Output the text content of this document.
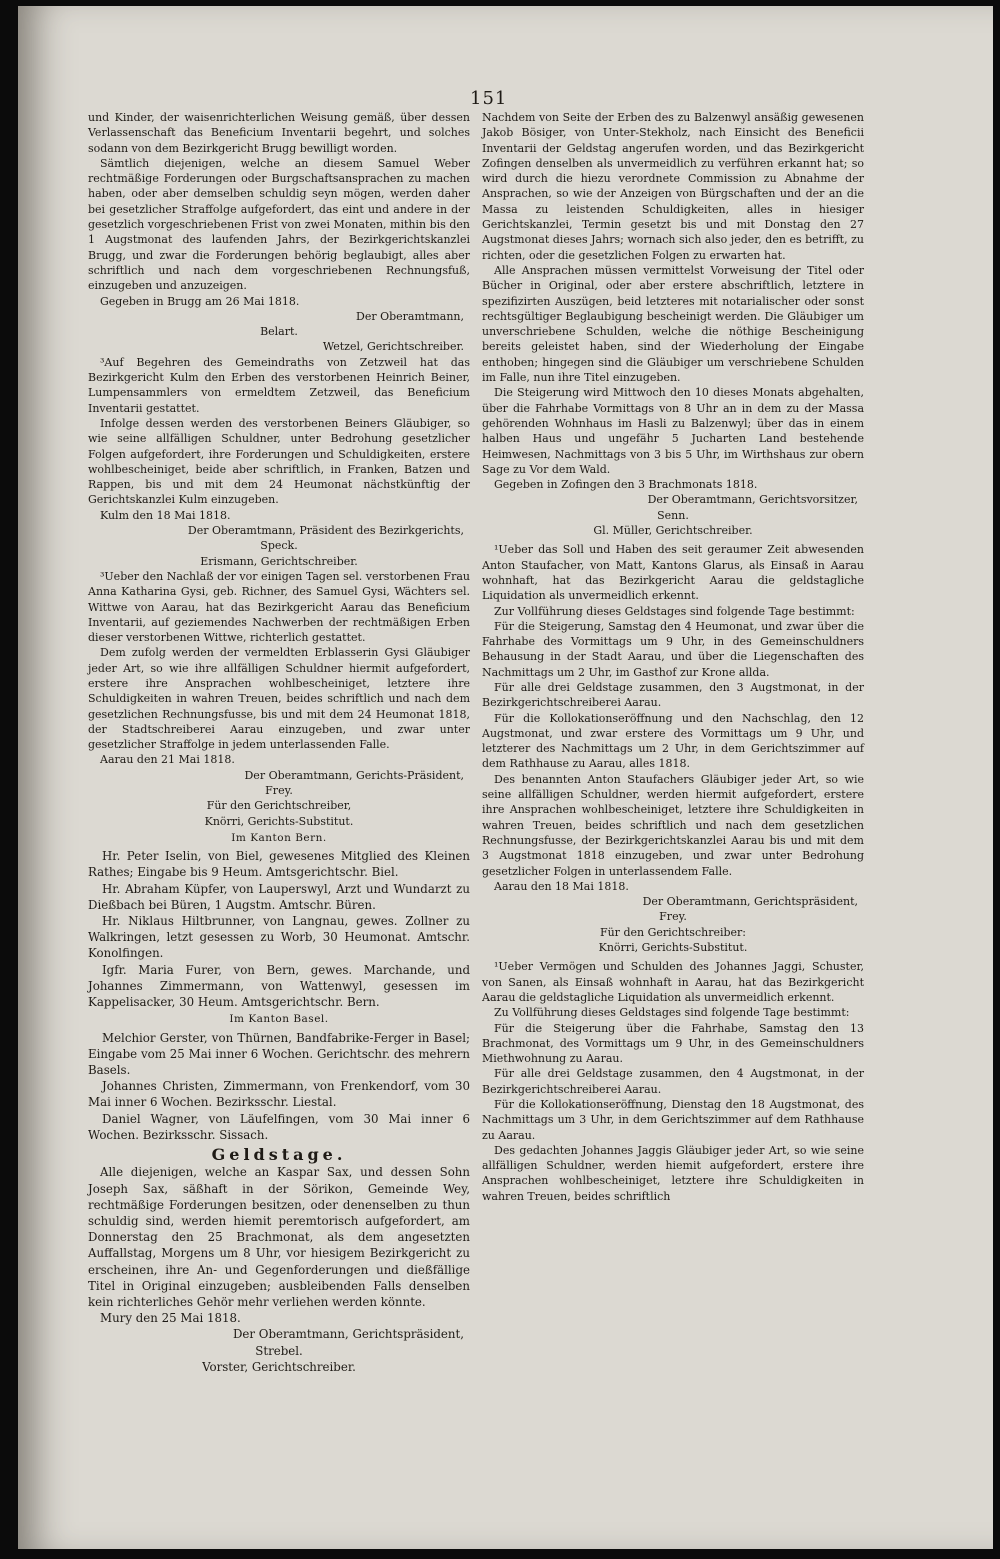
151

und Kinder, der waisenrichterlichen Weisung gemäß, über dessen Verlassenschaft das Beneficium Inventarii begehrt, und solches sodann von dem Bezirkgericht Brugg bewilligt worden.

Sämtlich diejenigen, welche an diesem Samuel Weber rechtmäßige Forderungen oder Burgschaftsansprachen zu machen haben, oder aber demselben schuldig seyn mögen, werden daher bei gesetzlicher Straffolge aufgefordert, das eint und andere in der gesetzlich vorgeschriebenen Frist von zwei Monaten, mithin bis den 1 Augstmonat des laufenden Jahrs, der Bezirkgerichtskanzlei Brugg, und zwar die Forderungen behörig beglaubigt, alles aber schriftlich und nach dem vorgeschriebenen Rechnungsfuß, einzugeben und anzuzeigen.

Gegeben in Brugg am 26 Mai 1818.

Der Oberamtmann,

Belart.

Wetzel, Gerichtschreiber.

³Auf Begehren des Gemeindraths von Zetzweil hat das Bezirkgericht Kulm den Erben des verstorbenen Heinrich Beiner, Lumpensammlers von ermeldtem Zetzweil, das Beneficium Inventarii gestattet.

Infolge dessen werden des verstorbenen Beiners Gläubiger, so wie seine allfälligen Schuldner, unter Bedrohung gesetzlicher Folgen aufgefordert, ihre Forderungen und Schuldigkeiten, erstere wohlbescheiniget, beide aber schriftlich, in Franken, Batzen und Rappen, bis und mit dem 24 Heumonat nächstkünftig der Gerichtskanzlei Kulm einzugeben.

Kulm den 18 Mai 1818.

Der Oberamtmann, Präsident des Bezirkgerichts,

Speck.

Erismann, Gerichtschreiber.

³Ueber den Nachlaß der vor einigen Tagen sel. verstorbenen Frau Anna Katharina Gysi, geb. Richner, des Samuel Gysi, Wächters sel. Wittwe von Aarau, hat das Bezirkgericht Aarau das Beneficium Inventarii, auf geziemendes Nachwerben der rechtmäßigen Erben dieser verstorbenen Wittwe, richterlich gestattet.

Dem zufolg werden der vermeldten Erblasserin Gysi Gläubiger jeder Art, so wie ihre allfälligen Schuldner hiermit aufgefordert, erstere ihre Ansprachen wohlbescheiniget, letztere ihre Schuldigkeiten in wahren Treuen, beides schriftlich und nach dem gesetzlichen Rechnungsfusse, bis und mit dem 24 Heumonat 1818, der Stadtschreiberei Aarau einzugeben, und zwar unter gesetzlicher Straffolge in jedem unterlassenden Falle.

Aarau den 21 Mai 1818.

Der Oberamtmann, Gerichts-Präsident,

Frey.

Für den Gerichtschreiber,

Knörri, Gerichts-Substitut.

Im Kanton Bern.

Hr. Peter Iselin, von Biel, gewesenes Mitglied des Kleinen Rathes; Eingabe bis 9 Heum. Amtsgerichtschr. Biel.

Hr. Abraham Küpfer, von Lauperswyl, Arzt und Wundarzt zu Dießbach bei Büren, 1 Augstm. Amtschr. Büren.

Hr. Niklaus Hiltbrunner, von Langnau, gewes. Zollner zu Walkringen, letzt gesessen zu Worb, 30 Heumonat. Amtschr. Konolfingen.

Igfr. Maria Furer, von Bern, gewes. Marchande, und Johannes Zimmermann, von Wattenwyl, gesessen im Kappelisacker, 30 Heum. Amtsgerichtschr. Bern.

Im Kanton Basel.

Melchior Gerster, von Thürnen, Bandfabrike-Ferger in Basel; Eingabe vom 25 Mai inner 6 Wochen. Gerichtschr. des mehrern Basels.

Johannes Christen, Zimmermann, von Frenkendorf, vom 30 Mai inner 6 Wochen. Bezirksschr. Liestal.

Daniel Wagner, von Läufelfingen, vom 30 Mai inner 6 Wochen. Bezirksschr. Sissach.

Geldstage.

Alle diejenigen, welche an Kaspar Sax, und dessen Sohn Joseph Sax, säßhaft in der Sörikon, Gemeinde Wey, rechtmäßige Forderungen besitzen, oder denenselben zu thun schuldig sind, werden hiemit peremtorisch aufgefordert, am Donnerstag den 25 Brachmonat, als dem angesetzten Auffallstag, Morgens um 8 Uhr, vor hiesigem Bezirkgericht zu erscheinen, ihre An- und Gegenforderungen und dießfällige Titel in Original einzugeben; ausbleibenden Falls denselben kein richterliches Gehör mehr verliehen werden könnte.

Mury den 25 Mai 1818.

Der Oberamtmann, Gerichtspräsident,

Strebel.

Vorster, Gerichtschreiber.

Nachdem von Seite der Erben des zu Balzenwyl ansäßig gewesenen Jakob Bösiger, von Unter-Stekholz, nach Einsicht des Beneficii Inventarii der Geldstag angerufen worden, und das Bezirkgericht Zofingen denselben als unvermeidlich zu verführen erkannt hat; so wird durch die hiezu verordnete Commission zu Abnahme der Ansprachen, so wie der Anzeigen von Bürgschaften und der an die Massa zu leistenden Schuldigkeiten, alles in hiesiger Gerichtskanzlei, Termin gesetzt bis und mit Donstag den 27 Augstmonat dieses Jahrs; wornach sich also jeder, den es betrifft, zu richten, oder die gesetzlichen Folgen zu erwarten hat.

Alle Ansprachen müssen vermittelst Vorweisung der Titel oder Bücher in Original, oder aber erstere abschriftlich, letztere in spezifizirten Auszügen, beid letzteres mit notarialischer oder sonst rechtsgültiger Beglaubigung bescheinigt werden. Die Gläubiger um unverschriebene Schulden, welche die nöthige Bescheinigung bereits geleistet haben, sind der Wiederholung der Eingabe enthoben; hingegen sind die Gläubiger um verschriebene Schulden im Falle, nun ihre Titel einzugeben.

Die Steigerung wird Mittwoch den 10 dieses Monats abgehalten, über die Fahrhabe Vormittags von 8 Uhr an in dem zu der Massa gehörenden Wohnhaus im Hasli zu Balzenwyl; über das in einem halben Haus und ungefähr 5 Jucharten Land bestehende Heimwesen, Nachmittags von 3 bis 5 Uhr, im Wirthshaus zur obern Sage zu Vor dem Wald.

Gegeben in Zofingen den 3 Brachmonats 1818.

Der Oberamtmann, Gerichtsvorsitzer,

Senn.

Gl. Müller, Gerichtschreiber.

¹Ueber das Soll und Haben des seit geraumer Zeit abwesenden Anton Staufacher, von Matt, Kantons Glarus, als Einsaß in Aarau wohnhaft, hat das Bezirkgericht Aarau die geldstagliche Liquidation als unvermeidlich erkennt.

Zur Vollführung dieses Geldstages sind folgende Tage bestimmt:

Für die Steigerung, Samstag den 4 Heumonat, und zwar über die Fahrhabe des Vormittags um 9 Uhr, in des Gemeinschuldners Behausung in der Stadt Aarau, und über die Liegenschaften des Nachmittags um 2 Uhr, im Gasthof zur Krone allda.

Für alle drei Geldstage zusammen, den 3 Augstmonat, in der Bezirkgerichtschreiberei Aarau.

Für die Kollokationseröffnung und den Nachschlag, den 12 Augstmonat, und zwar erstere des Vormittags um 9 Uhr, und letzterer des Nachmittags um 2 Uhr, in dem Gerichtszimmer auf dem Rathhause zu Aarau, alles 1818.

Des benannten Anton Staufachers Gläubiger jeder Art, so wie seine allfälligen Schuldner, werden hiermit aufgefordert, erstere ihre Ansprachen wohlbescheiniget, letztere ihre Schuldigkeiten in wahren Treuen, beides schriftlich und nach dem gesetzlichen Rechnungsfusse, der Bezirkgerichtskanzlei Aarau bis und mit dem 3 Augstmonat 1818 einzugeben, und zwar unter Bedrohung gesetzlicher Folgen in unterlassendem Falle.

Aarau den 18 Mai 1818.

Der Oberamtmann, Gerichtspräsident,

Frey.

Für den Gerichtschreiber:

Knörri, Gerichts-Substitut.

¹Ueber Vermögen und Schulden des Johannes Jaggi, Schuster, von Sanen, als Einsaß wohnhaft in Aarau, hat das Bezirkgericht Aarau die geldstagliche Liquidation als unvermeidlich erkennt.

Zu Vollführung dieses Geldstages sind folgende Tage bestimmt:

Für die Steigerung über die Fahrhabe, Samstag den 13 Brachmonat, des Vormittags um 9 Uhr, in des Gemeinschuldners Miethwohnung zu Aarau.

Für alle drei Geldstage zusammen, den 4 Augstmonat, in der Bezirkgerichtschreiberei Aarau.

Für die Kollokationseröffnung, Dienstag den 18 Augstmonat, des Nachmittags um 3 Uhr, in dem Gerichtszimmer auf dem Rathhause zu Aarau.

Des gedachten Johannes Jaggis Gläubiger jeder Art, so wie seine allfälligen Schuldner, werden hiemit aufgefordert, erstere ihre Ansprachen wohlbescheiniget, letztere ihre Schuldigkeiten in wahren Treuen, beides schriftlich
